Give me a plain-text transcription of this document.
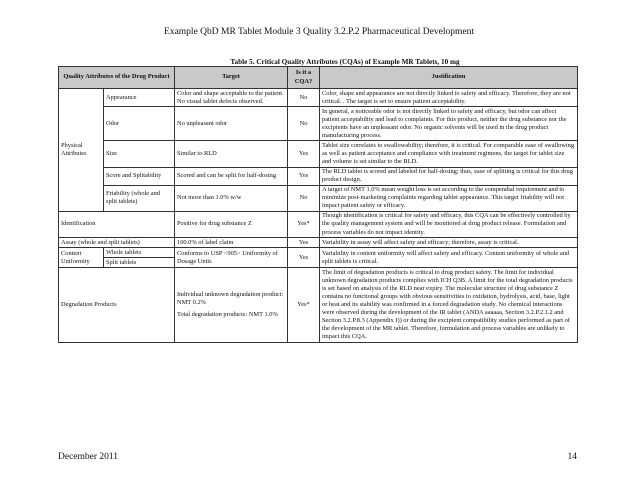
Example QbD MR Tablet Module 3 Quality 3.2.P.2 Pharmaceutical Development
Table 5. Critical Quality Attributes (CQAs) of Example MR Tablets, 10 mg
Quality Attributes of the Drug Product		Target	Is it a CQA?	Justification
Physical Attributes	Appearance	Color and shape acceptable to the patient. No visual tablet defects observed.	No	Color, shape and appearance are not directly linked to safety and efficacy. Therefore, they are not critical. . The target is set to ensure patient acceptability.
	Odor	No unpleasant odor	No	In general, a noticeable odor is not directly linked to safety and efficacy, but odor can affect patient acceptability and lead to complaints. For this product, neither the drug substance nor the excipients have an unpleasant odor. No organic solvents will be used in the drug product manufacturing process.
	Size	Similar to RLD	Yes	Tablet size correlates to swallowability; therefore, it is critical. For comparable ease of swallowing as well as patient acceptance and compliance with treatment regimens, the target for tablet size and volume is set similar to the RLD.
	Score and Splitability	Scored and can be split for half-dosing	Yes	The RLD tablet is scored and labeled for half-dosing; thus, ease of splitting is critical for this drug product design.
	Friability (whole and split tablets)	Not more than 1.0% w/w	No	A target of NMT 1.0% mean weight loss is set according to the compendial requirement and to minimize post-marketing complaints regarding tablet appearance. This target friability will not impact patient safety or efficacy.
Identification		Positive for drug substance Z	Yes*	Though identification is critical for safety and efficacy, this CQA can be effectively controlled by the quality management system and will be monitored at drug product release. Formulation and process variables do not impact identity.
Assay (whole and split tablets)		100.0% of label claim	Yes	Variability in assay will affect safety and efficacy; therefore, assay is critical.
Content Uniformity	Whole tablets	Conforms to USP <905> Uniformity of Dosage Units	Yes	Variability in content uniformity will affect safety and efficacy. Content uniformity of whole and split tablets is critical.
	Split tablets			
Degradation Products		Individual unknown degradation product: NMT 0.2%
Total degradation products: NMT 1.0%	Yes*	The limit of degradation products is critical to drug product safety. The limit for individual unknown degradation products complies with ICH Q3B. A limit for the total degradation products is set based on analysis of the RLD near expiry. The molecular structure of drug substance Z contains no functional groups with obvious sensitivities to oxidation, hydrolysis, acid, base, light or heat and its stability was confirmed in a forced degradation study. No chemical interactions were observed during the development of the IR tablet (ANDA aaaaaa, Section 3.2.P.2.1.2 and Section 3.2.P.8.3 (Appendix I)) or during the excipient compatibility studies performed as part of the development of the MR tablet. Therefore, formulation and process variables are unlikely to impact this CQA.
December 2011	14
